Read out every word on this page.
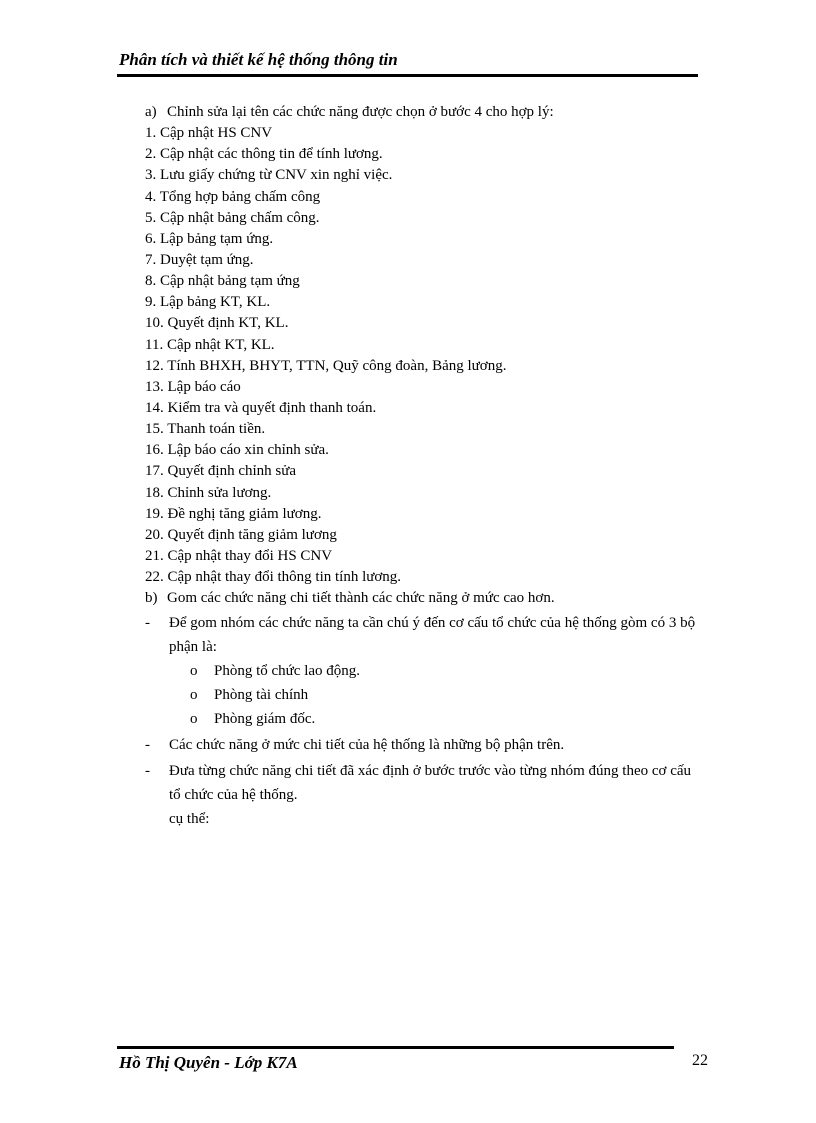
Phân tích và thiết kế hệ thống thông tin
a) Chỉnh sửa lại tên các chức năng được chọn ở bước 4 cho hợp lý:
1. Cập nhật HS CNV
2. Cập nhật các thông tin để tính lương.
3. Lưu giấy chứng từ CNV xin nghỉ việc.
4. Tổng hợp bảng chấm công
5. Cập nhật bảng chấm công.
6. Lập bảng tạm ứng.
7. Duyệt tạm ứng.
8. Cập nhật bảng tạm ứng
9. Lập bảng KT, KL.
10. Quyết định KT, KL.
11. Cập nhật KT, KL.
12. Tính BHXH, BHYT, TTN, Quỹ công đoàn, Bảng lương.
13. Lập báo cáo
14. Kiểm tra và quyết định thanh toán.
15. Thanh toán tiền.
16. Lập báo cáo xin chỉnh sửa.
17. Quyết định chỉnh sửa
18. Chỉnh sửa lương.
19. Đề nghị tăng giảm lương.
20. Quyết định tăng giảm lương
21. Cập nhật thay đổi HS CNV
22. Cập nhật thay đổi thông tin tính lương.
b) Gom các chức năng chi tiết thành các chức năng ở mức cao hơn.
- Để gom nhóm các chức năng ta cần chú ý đến cơ cấu tổ chức của hệ thống gòm có 3 bộ phận là:
o Phòng tổ chức lao động.
o Phòng tài chính
o Phòng giám đốc.
- Các chức năng ở mức chi tiết của hệ thống là những bộ phận trên.
- Đưa từng chức năng chi tiết đã xác định ở bước trước vào từng nhóm đúng theo cơ cấu tổ chức của hệ thống.
cụ thể:
Hồ Thị Quyên - Lớp K7A	22
